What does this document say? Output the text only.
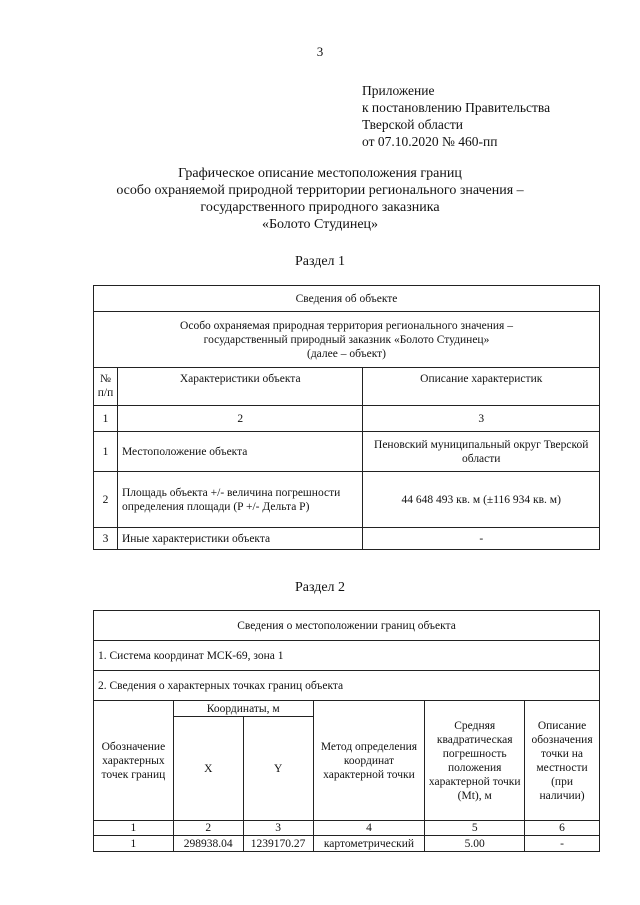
3
Приложение
к постановлению Правительства
Тверской области
от 07.10.2020 № 460-пп
Графическое описание местоположения границ
особо охраняемой природной территории регионального значения –
государственного природного заказника
«Болото Студинец»
Раздел 1
Сведения об объекте		

Особо охраняемая природная территория регионального значения –
государственный природный заказник «Болото Студинец»
(далее – объект)		

№ п/п	Характеристики объекта	Описание характеристик
1	2	3
1	Местоположение объекта	Пеновский муниципальный округ Тверской области
2	Площадь объекта +/- величина погрешности определения площади (P +/- Дельта P)	44 648 493 кв. м (±116 934 кв. м)
3	Иные характеристики объекта	-
Раздел 2
Сведения о местоположении границ объекта					
1. Система координат МСК-69, зона 1					
2. Сведения о характерных точках границ объекта					
Обозначение характерных точек границ	Координаты, м		Метод определения координат характерной точки	Средняя квадратическая погрешность положения характерной точки (Mt), м	Описание обозначения точки на местности (при наличии)
	X	Y			
1	2	3	4	5	6
1	298938.04	1239170.27	картометрический	5.00	-
